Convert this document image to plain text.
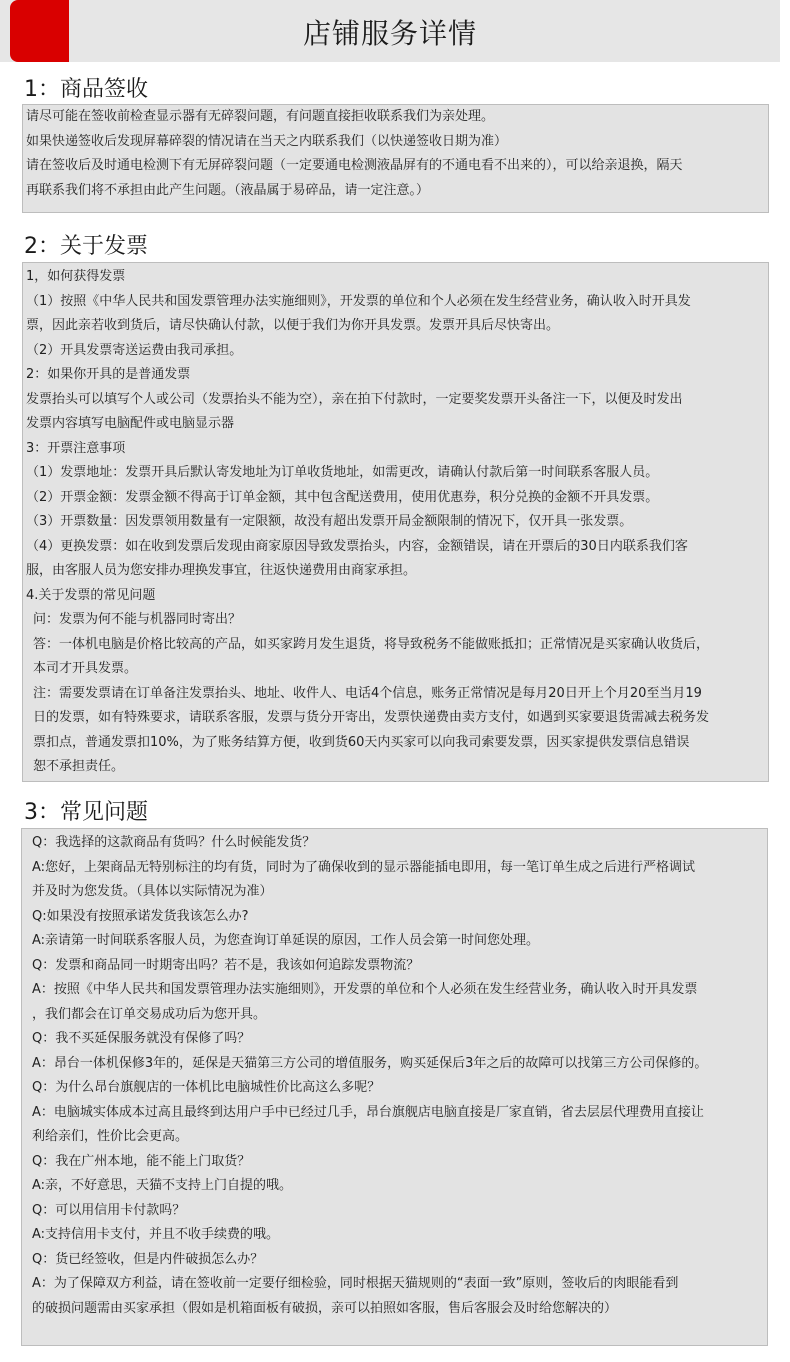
店铺服务详情
1：商品签收
请尽可能在签收前检查显示器有无碎裂问题，有问题直接拒收联系我们为亲处理。
如果快递签收后发现屏幕碎裂的情况请在当天之内联系我们（以快递签收日期为准）
请在签收后及时通电检测下有无屏碎裂问题（一定要通电检测液晶屏有的不通电看不出来的），可以给亲退换，隔天
再联系我们将不承担由此产生问题。（液晶属于易碎品，请一定注意。）
2：关于发票
1，如何获得发票
（1）按照《中华人民共和国发票管理办法实施细则》，开发票的单位和个人必须在发生经营业务，确认收入时开具发
票，因此亲若收到货后，请尽快确认付款，以便于我们为你开具发票。发票开具后尽快寄出。
（2）开具发票寄送运费由我司承担。
2：如果你开具的是普通发票
发票抬头可以填写个人或公司（发票抬头不能为空），亲在拍下付款时，一定要奖发票开头备注一下，以便及时发出
发票内容填写电脑配件或电脑显示器
3：开票注意事项
（1）发票地址：发票开具后默认寄发地址为订单收货地址，如需更改，请确认付款后第一时间联系客服人员。
（2）开票金额：发票金额不得高于订单金额，其中包含配送费用，使用优惠券，积分兑换的金额不开具发票。
（3）开票数量：因发票领用数量有一定限额，故没有超出发票开局金额限制的情况下，仅开具一张发票。
（4）更换发票：如在收到发票后发现由商家原因导致发票抬头，内容，金额错误，请在开票后的30日内联系我们客
服，由客服人员为您安排办理换发事宜，往返快递费用由商家承担。
4.关于发票的常见问题
问：发票为何不能与机器同时寄出？
答：一体机电脑是价格比较高的产品，如买家跨月发生退货，将导致税务不能做账抵扣；正常情况是买家确认收货后，
本司才开具发票。
注：需要发票请在订单备注发票抬头、地址、收件人、电话4个信息，账务正常情况是每月20日开上个月20至当月19
日的发票，如有特殊要求，请联系客服，发票与货分开寄出，发票快递费由卖方支付，如遇到买家要退货需减去税务发
票扣点，普通发票扣10%，为了账务结算方便，收到货60天内买家可以向我司索要发票，因买家提供发票信息错误
恕不承担责任。
3：常见问题
Q：我选择的这款商品有货吗？什么时候能发货？
A:您好，上架商品无特别标注的均有货，同时为了确保收到的显示器能插电即用，每一笔订单生成之后进行严格调试
并及时为您发货。（具体以实际情况为准）
Q:如果没有按照承诺发货我该怎么办?
A:亲请第一时间联系客服人员，为您查询订单延误的原因，工作人员会第一时间您处理。
Q：发票和商品同一时期寄出吗？若不是，我该如何追踪发票物流？
A：按照《中华人民共和国发票管理办法实施细则》，开发票的单位和个人必须在发生经营业务，确认收入时开具发票
，我们都会在订单交易成功后为您开具。
Q：我不买延保服务就没有保修了吗？
A：昂台一体机保修3年的，延保是天猫第三方公司的增值服务，购买延保后3年之后的故障可以找第三方公司保修的。
Q：为什么昂台旗舰店的一体机比电脑城性价比高这么多呢？
A：电脑城实体成本过高且最终到达用户手中已经过几手，昂台旗舰店电脑直接是厂家直销，省去层层代理费用直接让
利给亲们，性价比会更高。
Q：我在广州本地，能不能上门取货？
A:亲，不好意思，天猫不支持上门自提的哦。
Q：可以用信用卡付款吗？
A:支持信用卡支付，并且不收手续费的哦。
Q：货已经签收，但是内件破损怎么办？
A：为了保障双方利益，请在签收前一定要仔细检验，同时根据天猫规则的“表面一致”原则，签收后的肉眼能看到
的破损问题需由买家承担（假如是机箱面板有破损，亲可以拍照如客服，售后客服会及时给您解决的）
